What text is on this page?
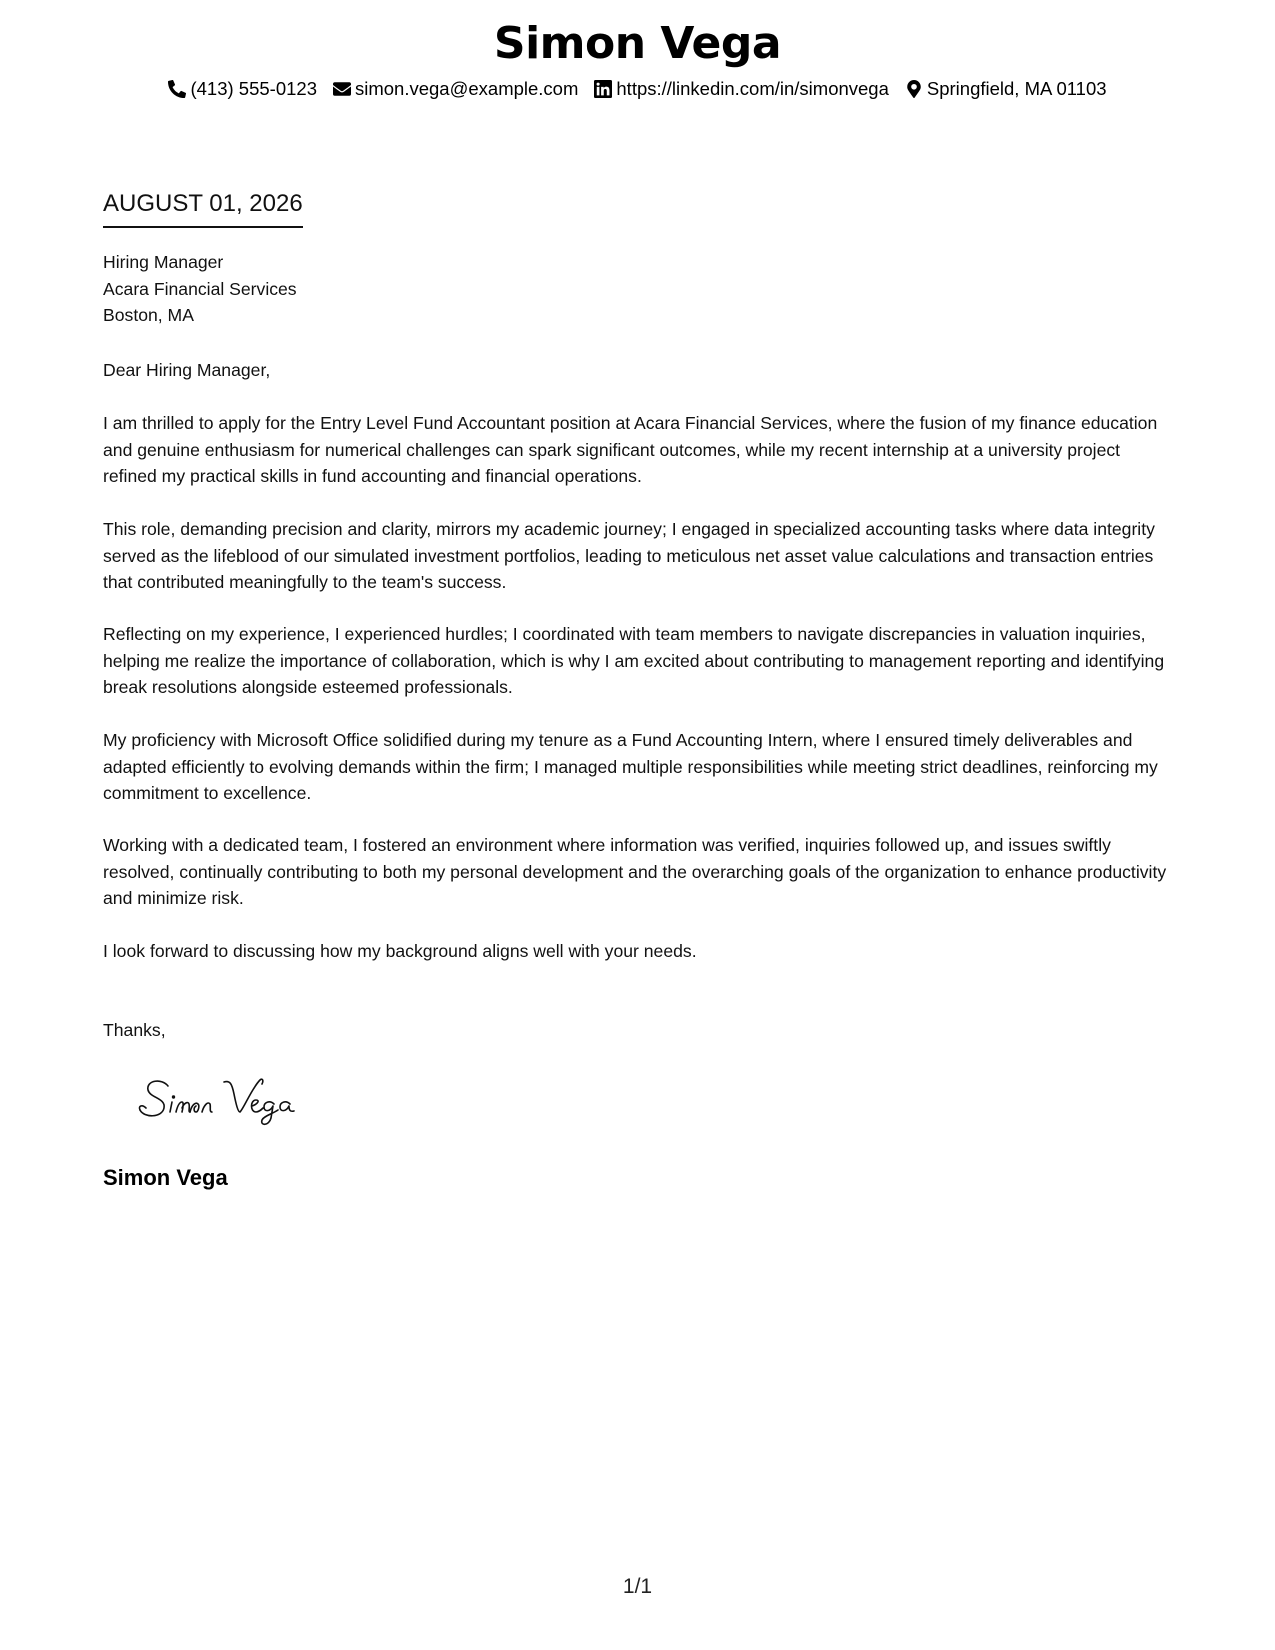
Simon Vega
(413) 555-0123 simon.vega@example.com https://linkedin.com/in/simonvega Springfield, MA 01103
AUGUST 01, 2026
Hiring Manager
Acara Financial Services
Boston, MA
Dear Hiring Manager,
I am thrilled to apply for the Entry Level Fund Accountant position at Acara Financial Services, where the fusion of my finance education and genuine enthusiasm for numerical challenges can spark significant outcomes, while my recent internship at a university project refined my practical skills in fund accounting and financial operations.
This role, demanding precision and clarity, mirrors my academic journey; I engaged in specialized accounting tasks where data integrity served as the lifeblood of our simulated investment portfolios, leading to meticulous net asset value calculations and transaction entries that contributed meaningfully to the team's success.
Reflecting on my experience, I experienced hurdles; I coordinated with team members to navigate discrepancies in valuation inquiries, helping me realize the importance of collaboration, which is why I am excited about contributing to management reporting and identifying break resolutions alongside esteemed professionals.
My proficiency with Microsoft Office solidified during my tenure as a Fund Accounting Intern, where I ensured timely deliverables and adapted efficiently to evolving demands within the firm; I managed multiple responsibilities while meeting strict deadlines, reinforcing my commitment to excellence.
Working with a dedicated team, I fostered an environment where information was verified, inquiries followed up, and issues swiftly resolved, continually contributing to both my personal development and the overarching goals of the organization to enhance productivity and minimize risk.
I look forward to discussing how my background aligns well with your needs.
Thanks,
Simon Vega
1/1
